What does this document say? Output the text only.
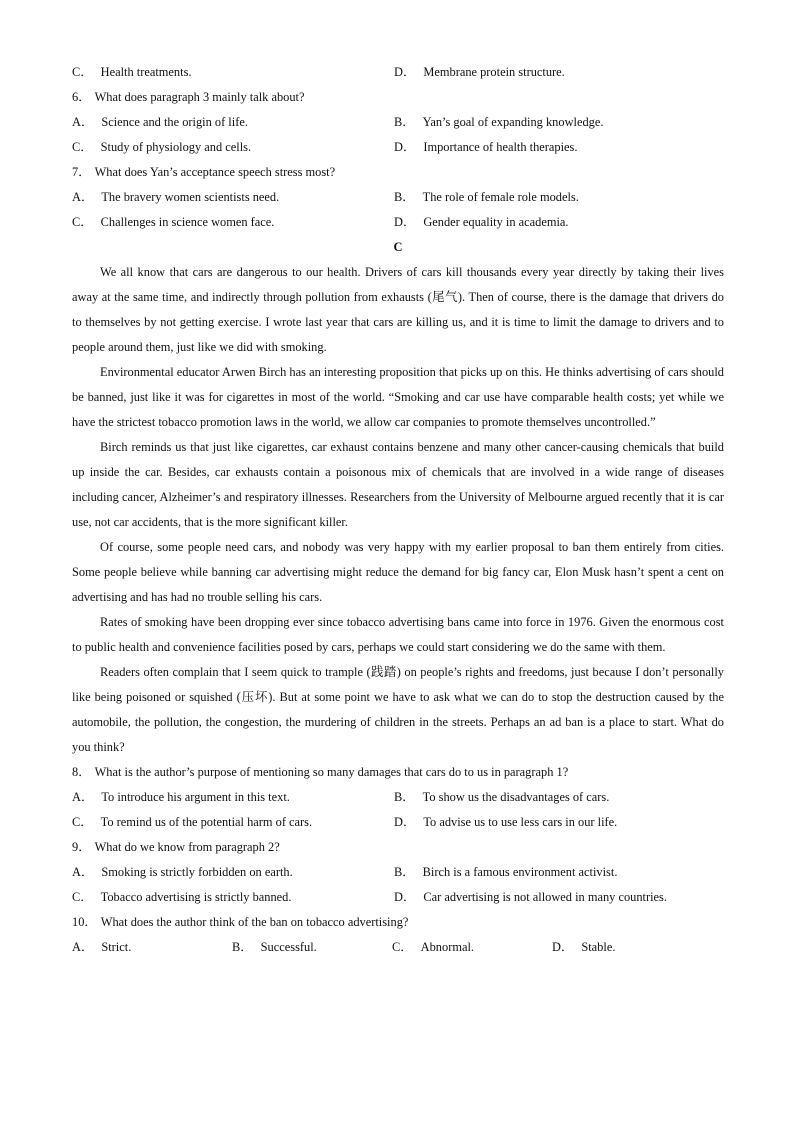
C． Health treatments.	D． Membrane protein structure.
6． What does paragraph 3 mainly talk about?
A． Science and the origin of life.	B． Yan’s goal of expanding knowledge.
C． Study of physiology and cells.	D． Importance of health therapies.
7． What does Yan’s acceptance speech stress most?
A． The bravery women scientists need.	B． The role of female role models.
C． Challenges in science women face.	D． Gender equality in academia.
C

We all know that cars are dangerous to our health. Drivers of cars kill thousands every year directly by taking their lives away at the same time, and indirectly through pollution from exhausts (尾气). Then of course, there is the damage that drivers do to themselves by not getting exercise. I wrote last year that cars are killing us, and it is time to limit the damage to drivers and to people around them, just like we did with smoking.

Environmental educator Arwen Birch has an interesting proposition that picks up on this. He thinks advertising of cars should be banned, just like it was for cigarettes in most of the world. “Smoking and car use have comparable health costs; yet while we have the strictest tobacco promotion laws in the world, we allow car companies to promote themselves uncontrolled.”

Birch reminds us that just like cigarettes, car exhaust contains benzene and many other cancer-causing chemicals that build up inside the car. Besides, car exhausts contain a poisonous mix of chemicals that are involved in a wide range of diseases including cancer, Alzheimer’s and respiratory illnesses. Researchers from the University of Melbourne argued recently that it is car use, not car accidents, that is the more significant killer.

Of course, some people need cars, and nobody was very happy with my earlier proposal to ban them entirely from cities. Some people believe while banning car advertising might reduce the demand for big fancy car, Elon Musk hasn’t spent a cent on advertising and has had no trouble selling his cars.

Rates of smoking have been dropping ever since tobacco advertising bans came into force in 1976. Given the enormous cost to public health and convenience facilities posed by cars, perhaps we could start considering we do the same with them.

Readers often complain that I seem quick to trample (践踏) on people’s rights and freedoms, just because I don’t personally like being poisoned or squished (压坏). But at some point we have to ask what we can do to stop the destruction caused by the automobile, the pollution, the congestion, the murdering of children in the streets. Perhaps an ad ban is a place to start. What do you think?

8． What is the author’s purpose of mentioning so many damages that cars do to us in paragraph 1?
A． To introduce his argument in this text.	B． To show us the disadvantages of cars.
C． To remind us of the potential harm of cars.	D． To advise us to use less cars in our life.
9． What do we know from paragraph 2?
A． Smoking is strictly forbidden on earth.	B． Birch is a famous environment activist.
C． Tobacco advertising is strictly banned.	D． Car advertising is not allowed in many countries.
10． What does the author think of the ban on tobacco advertising?
A． Strict.	B． Successful.	C． Abnormal.	D． Stable.
